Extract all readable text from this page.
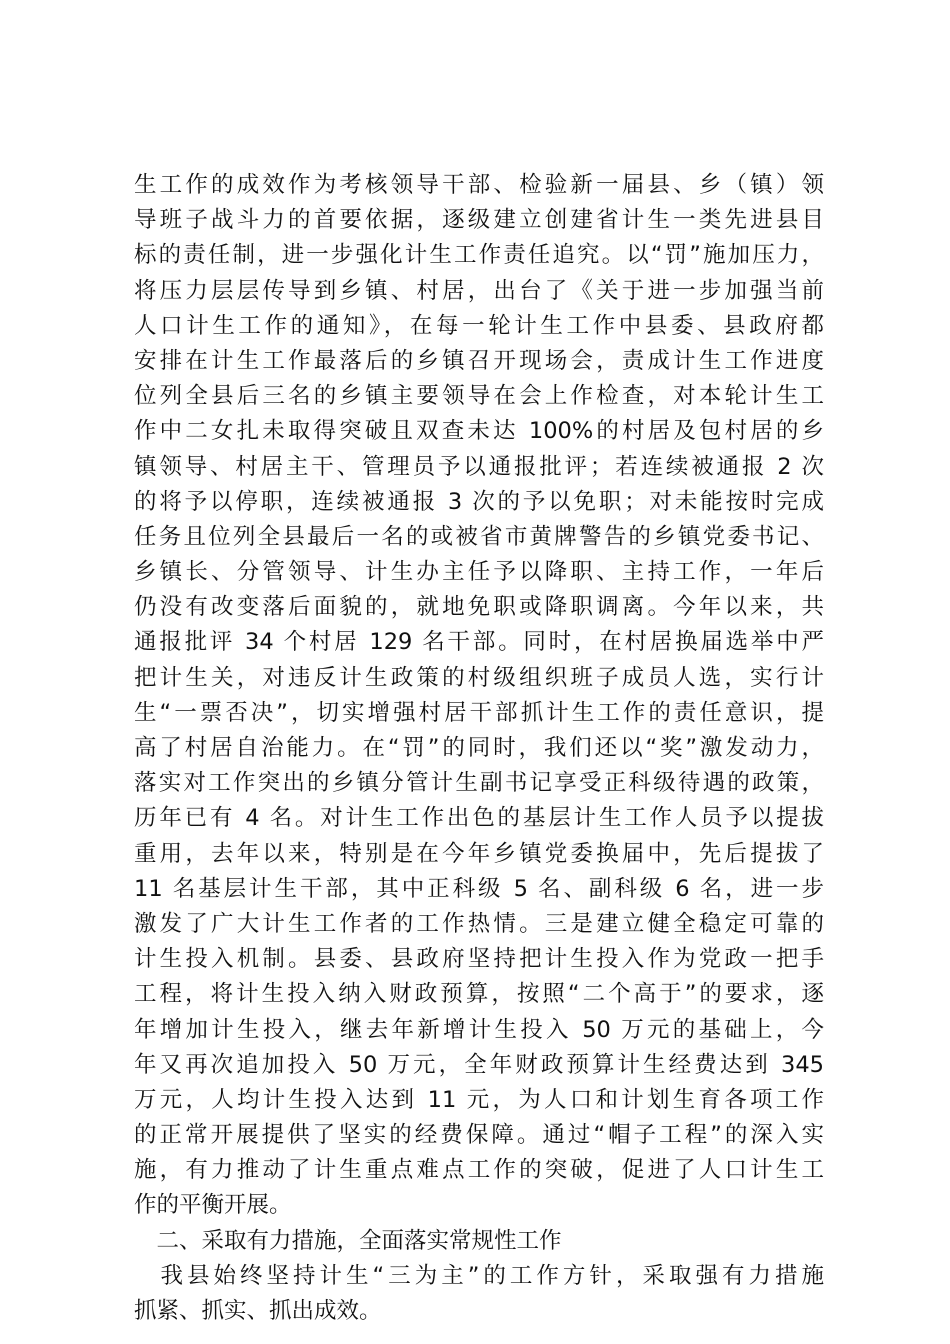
生工作的成效作为考核领导干部、检验新一届县、乡（镇）领
导班子战斗力的首要依据，逐级建立创建省计生一类先进县目
标的责任制，进一步强化计生工作责任追究。以“罚”施加压力，
将压力层层传导到乡镇、村居，出台了《关于进一步加强当前
人口计生工作的通知》，在每一轮计生工作中县委、县政府都
安排在计生工作最落后的乡镇召开现场会，责成计生工作进度
位列全县后三名的乡镇主要领导在会上作检查，对本轮计生工
作中二女扎未取得突破且双查未达 100%的村居及包村居的乡
镇领导、村居主干、管理员予以通报批评；若连续被通报 2 次
的将予以停职，连续被通报 3 次的予以免职；对未能按时完成
任务且位列全县最后一名的或被省市黄牌警告的乡镇党委书记、
乡镇长、分管领导、计生办主任予以降职、主持工作，一年后
仍没有改变落后面貌的，就地免职或降职调离。今年以来，共
通报批评 34 个村居 129 名干部。同时，在村居换届选举中严
把计生关，对违反计生政策的村级组织班子成员人选，实行计
生“一票否决”，切实增强村居干部抓计生工作的责任意识，提
高了村居自治能力。在“罚”的同时，我们还以“奖”激发动力，
落实对工作突出的乡镇分管计生副书记享受正科级待遇的政策，
历年已有 4 名。对计生工作出色的基层计生工作人员予以提拔
重用，去年以来，特别是在今年乡镇党委换届中，先后提拔了
11 名基层计生干部，其中正科级 5 名、副科级 6 名，进一步
激发了广大计生工作者的工作热情。三是建立健全稳定可靠的
计生投入机制。县委、县政府坚持把计生投入作为党政一把手
工程，将计生投入纳入财政预算，按照“二个高于”的要求，逐
年增加计生投入，继去年新增计生投入 50 万元的基础上，今
年又再次追加投入 50 万元，全年财政预算计生经费达到 345
万元，人均计生投入达到 11 元，为人口和计划生育各项工作
的正常开展提供了坚实的经费保障。通过“帽子工程”的深入实
施，有力推动了计生重点难点工作的突破，促进了人口计生工
作的平衡开展。
　二、采取有力措施，全面落实常规性工作
　我县始终坚持计生“三为主”的工作方针，采取强有力措施
抓紧、抓实、抓出成效。
